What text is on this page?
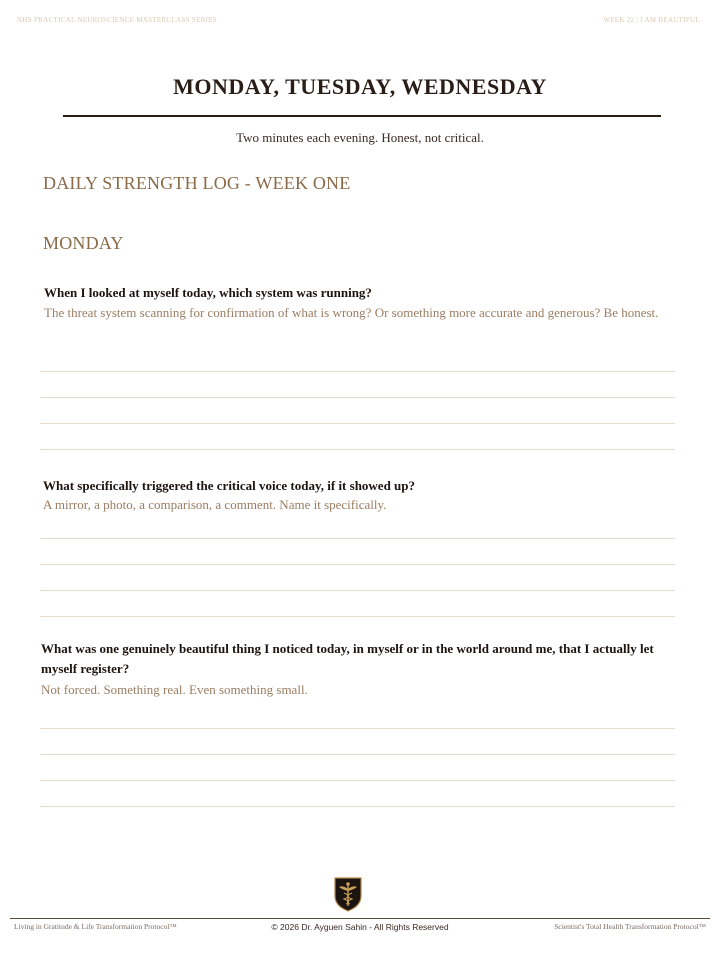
NHS PRACTICAL NEUROSCIENCE MASTERCLASS SERIES	WEEK 22 | I AM BEAUTIFUL
MONDAY, TUESDAY, WEDNESDAY
Two minutes each evening. Honest, not critical.
DAILY STRENGTH LOG - WEEK ONE
MONDAY
When I looked at myself today, which system was running?
The threat system scanning for confirmation of what is wrong? Or something more accurate and generous? Be honest.
What specifically triggered the critical voice today, if it showed up?
A mirror, a photo, a comparison, a comment. Name it specifically.
What was one genuinely beautiful thing I noticed today, in myself or in the world around me, that I actually let myself register?
Not forced. Something real. Even something small.
Living in Gratitude & Life Transformation Protocol™	© 2026 Dr. Ayguen Sahin - All Rights Reserved	Scientist's Total Health Transformation Protocol™
